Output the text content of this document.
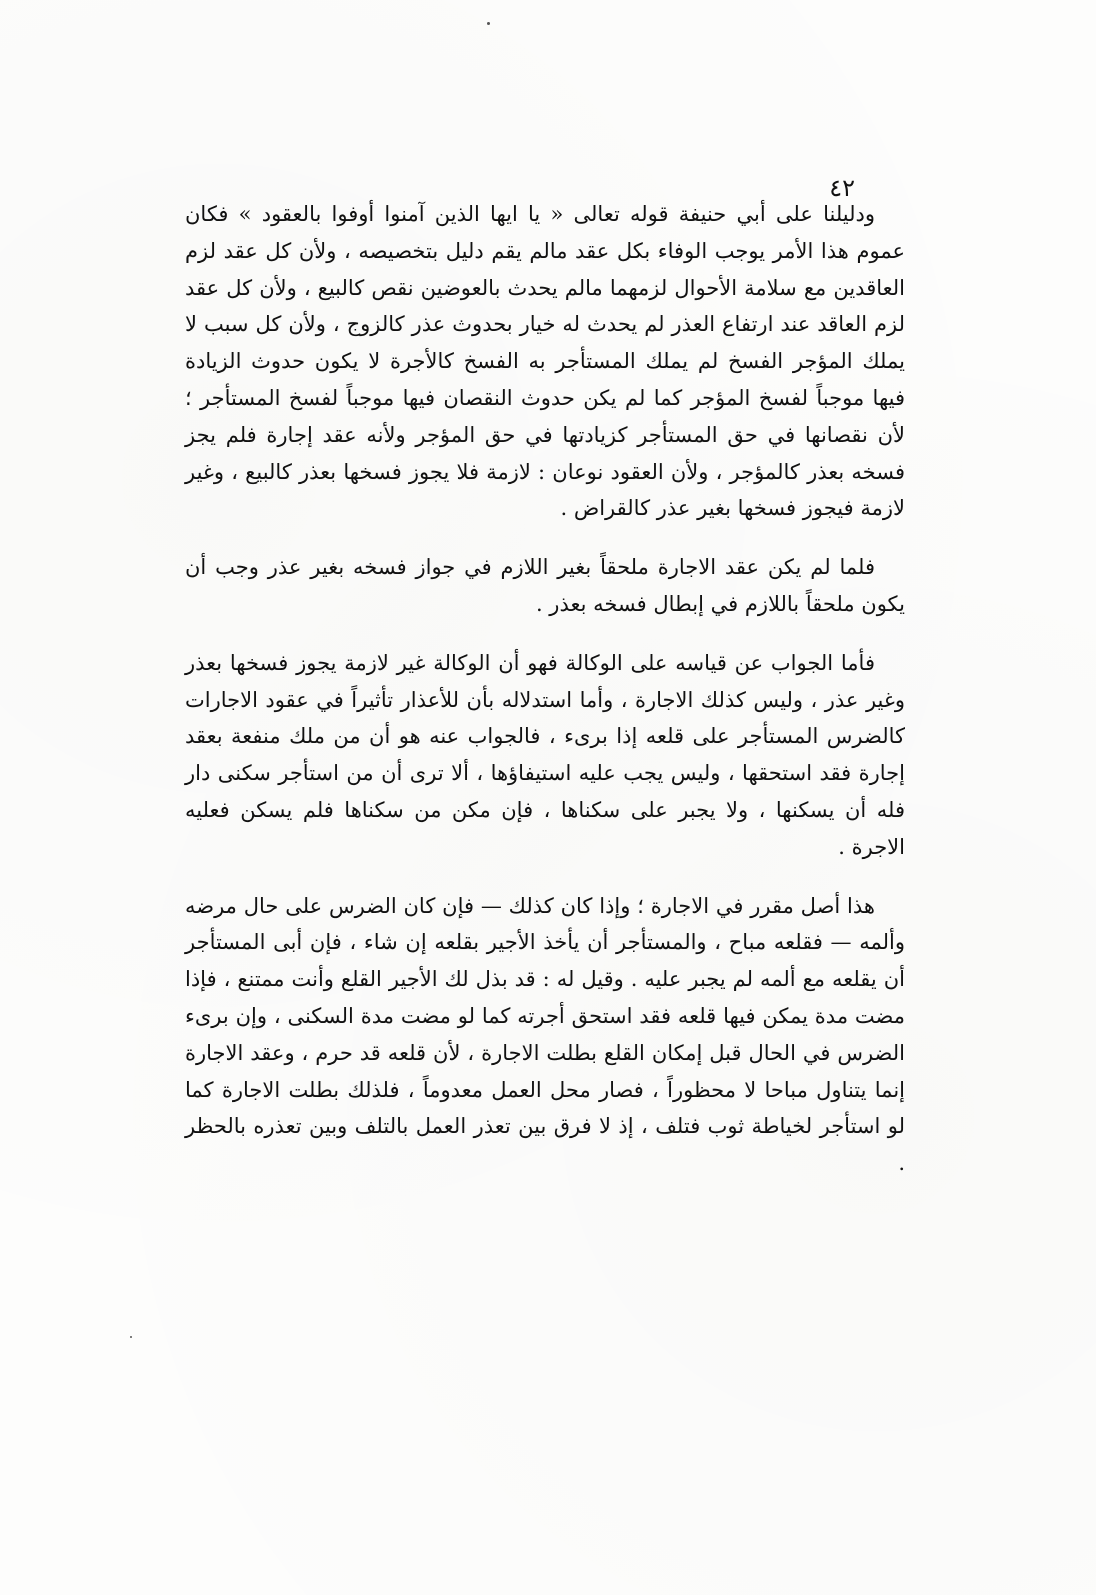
٤٢

ودليلنا على أبي حنيفة قوله تعالى « يا ايها الذين آمنوا أوفوا بالعقود » فكان عموم هذا الأمر يوجب الوفاء بكل عقد مالم يقم دليل بتخصيصه ، ولأن كل عقد لزم العاقدين مع سلامة الأحوال لزمهما مالم يحدث بالعوضين نقص كالبيع ، ولأن كل عقد لزم العاقد عند ارتفاع العذر لم يحدث له خيار بحدوث عذر كالزوج ، ولأن كل سبب لا يملك المؤجر الفسخ لم يملك المستأجر به الفسخ كالأجرة لا يكون حدوث الزيادة فيها موجباً لفسخ المؤجر كما لم يكن حدوث النقصان فيها موجباً لفسخ المستأجر ؛ لأن نقصانها في حق المستأجر كزيادتها في حق المؤجر ولأنه عقد إجارة فلم يجز فسخه بعذر كالمؤجر ، ولأن العقود نوعان : لازمة فلا يجوز فسخها بعذر كالبيع ، وغير لازمة فيجوز فسخها بغير عذر كالقراض .

فلما لم يكن عقد الاجارة ملحقاً بغير اللازم في جواز فسخه بغير عذر وجب أن يكون ملحقاً باللازم في إبطال فسخه بعذر .

فأما الجواب عن قياسه على الوكالة فهو أن الوكالة غير لازمة يجوز فسخها بعذر وغير عذر ، وليس كذلك الاجارة ، وأما استدلاله بأن للأعذار تأثيراً في عقود الاجارات كالضرس المستأجر على قلعه إذا برىء ، فالجواب عنه هو أن من ملك منفعة بعقد إجارة فقد استحقها ، وليس يجب عليه استيفاؤها ، ألا ترى أن من استأجر سكنى دار فله أن يسكنها ، ولا يجبر على سكناها ، فإن مكن من سكناها فلم يسكن فعليه الاجرة .

هذا أصل مقرر في الاجارة ؛ وإذا كان كذلك — فإن كان الضرس على حال مرضه وألمه — فقلعه مباح ، والمستأجر أن يأخذ الأجير بقلعه إن شاء ، فإن أبى المستأجر أن يقلعه مع ألمه لم يجبر عليه . وقيل له : قد بذل لك الأجير القلع وأنت ممتنع ، فإذا مضت مدة يمكن فيها قلعه فقد استحق أجرته كما لو مضت مدة السكنى ، وإن برىء الضرس في الحال قبل إمكان القلع بطلت الاجارة ، لأن قلعه قد حرم ، وعقد الاجارة إنما يتناول مباحا لا محظوراً ، فصار محل العمل معدوماً ، فلذلك بطلت الاجارة كما لو استأجر لخياطة ثوب فتلف ، إذ لا فرق بين تعذر العمل بالتلف وبين تعذره بالحظر .
